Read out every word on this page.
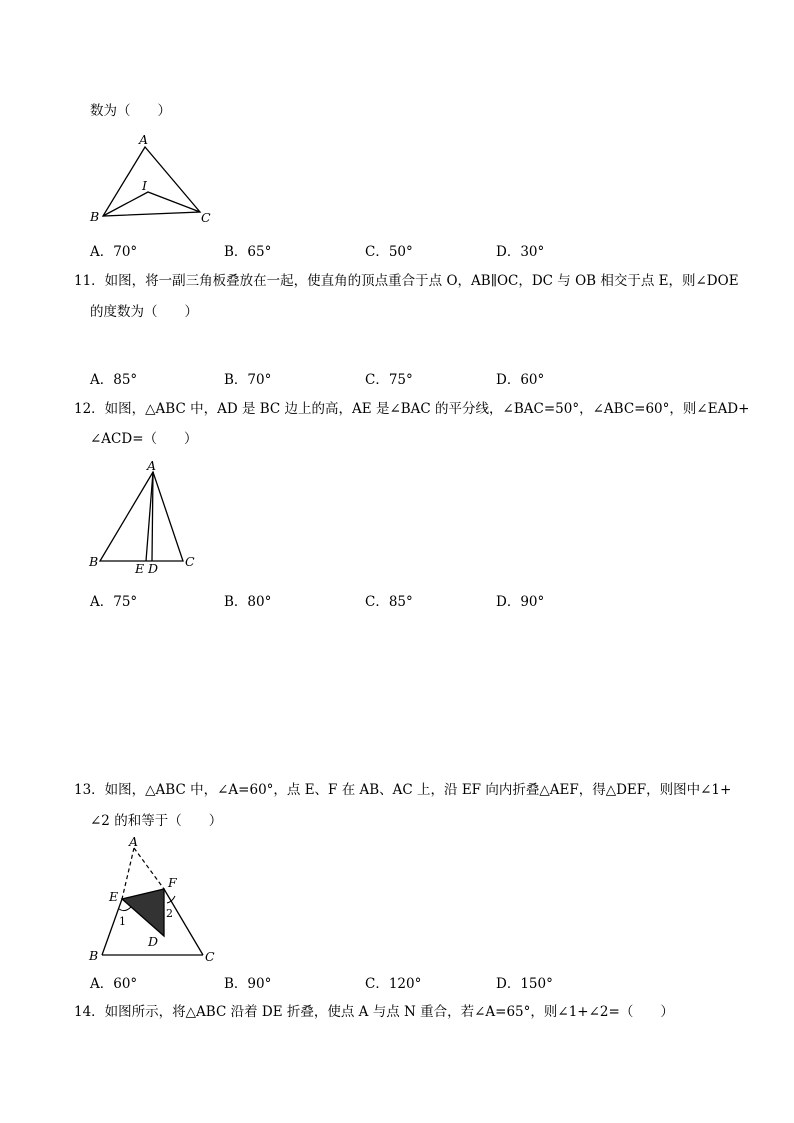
数为（　　）
A
I
B	C
A．70°	B．65°	C．50°	D．30°
11．如图，将一副三角板叠放在一起，使直角的顶点重合于点 O，AB∥OC，DC 与 OB 相交于点 E，则∠DOE
的度数为（　　）
A．85°	B．70°	C．75°	D．60°
12．如图，△ABC 中，AD 是 BC 边上的高，AE 是∠BAC 的平分线，∠BAC=50°，∠ABC=60°，则∠EAD+
∠ACD=（　　）
A
B	E D C
A．75°	B．80°	C．85°	D．90°
13．如图，△ABC 中，∠A=60°，点 E、F 在 AB、AC 上，沿 EF 向内折叠△AEF，得△DEF，则图中∠1+
∠2 的和等于（　　）
A
E
F
1
2
D
B	C
A．60°	B．90°	C．120°	D．150°
14．如图所示，将△ABC 沿着 DE 折叠，使点 A 与点 N 重合，若∠A=65°，则∠1+∠2=（　　）
